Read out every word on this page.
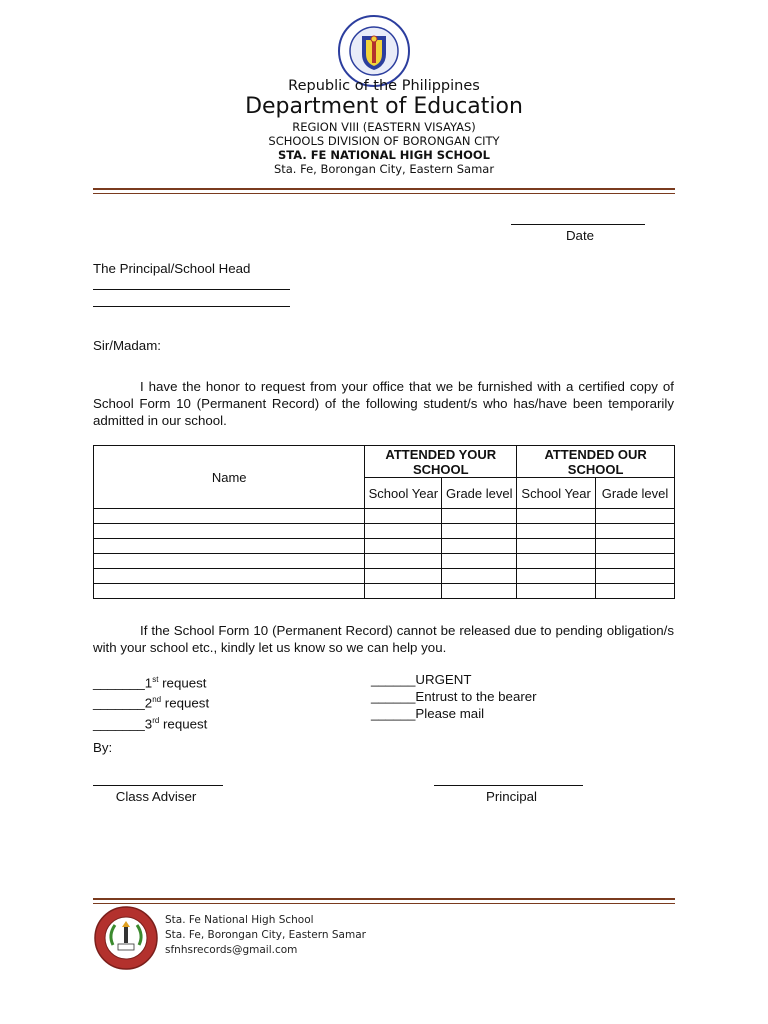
Republic of the Philippines
Department of Education
REGION VIII (EASTERN VISAYAS)
SCHOOLS DIVISION OF BORONGAN CITY
STA. FE NATIONAL HIGH SCHOOL
Sta. Fe, Borongan City, Eastern Samar
Date
The Principal/School Head
Sir/Madam:
I have the honor to request from your office that we be furnished with a certified copy of School Form 10 (Permanent Record) of the following student/s who has/have been temporarily admitted in our school.
Name	ATTENDED YOUR SCHOOL		ATTENDED OUR SCHOOL	
	School Year	Grade level	School Year	Grade level

If the School Form 10 (Permanent Record) cannot be released due to pending obligation/s with your school etc., kindly let us know so we can help you.
_______1st request
_______2nd request
_______3rd request
______URGENT
______Entrust to the bearer
______Please mail
By:
Class Adviser	Principal
Sta. Fe National High School
Sta. Fe, Borongan City, Eastern Samar
sfnhsrecords@gmail.com
